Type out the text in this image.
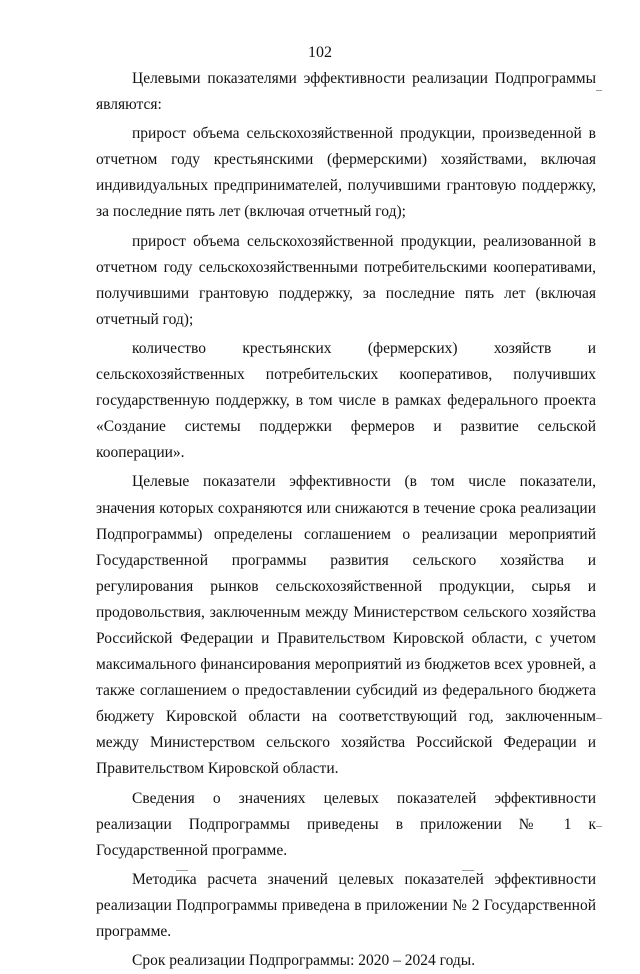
102

Целевыми показателями эффективности реализации Подпрограммы являются:

прирост объема сельскохозяйственной продукции, произведенной в отчетном году крестьянскими (фермерскими) хозяйствами, включая индивидуальных предпринимателей, получившими грантовую поддержку, за последние пять лет (включая отчетный год);

прирост объема сельскохозяйственной продукции, реализованной в отчетном году сельскохозяйственными потребительскими кооперативами, получившими грантовую поддержку, за последние пять лет (включая отчетный год);

количество крестьянских (фермерских) хозяйств и сельскохозяйственных потребительских кооперативов, получивших государственную поддержку, в том числе в рамках федерального проекта «Создание системы поддержки фермеров и развитие сельской кооперации».

Целевые показатели эффективности (в том числе показатели, значения которых сохраняются или снижаются в течение срока реализации Подпрограммы) определены соглашением о реализации мероприятий Государственной программы развития сельского хозяйства и регулирования рынков сельскохозяйственной продукции, сырья и продовольствия, заключенным между Министерством сельского хозяйства Российской Федерации и Правительством Кировской области, с учетом максимального финансирования мероприятий из бюджетов всех уровней, а также соглашением о предоставлении субсидий из федерального бюджета бюджету Кировской области на соответствующий год, заключенным между Министерством сельского хозяйства Российской Федерации и Правительством Кировской области.

Сведения о значениях целевых показателей эффективности реализации Подпрограммы приведены в приложении № 1 к Государственной программе.

Методика расчета значений целевых показателей эффективности реализации Подпрограммы приведена в приложении № 2 Государственной программе.

Срок реализации Подпрограммы: 2020 – 2024 годы.
